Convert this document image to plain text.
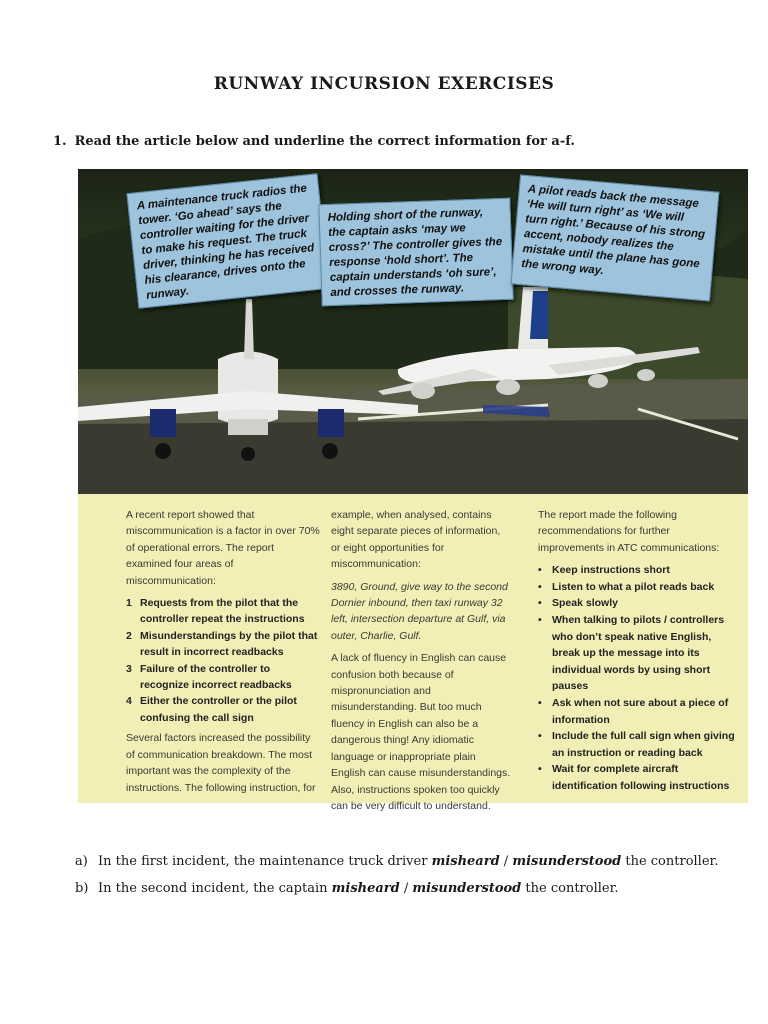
RUNWAY INCURSION EXERCISES
1. Read the article below and underline the correct information for a-f.
A maintenance truck radios the tower. ‘Go ahead’ says the controller waiting for the driver to make his request. The truck driver, thinking he has received his clearance, drives onto the runway.
Holding short of the runway, the captain asks ‘may we cross?’ The controller gives the response ‘hold short’. The captain understands ‘oh sure’, and crosses the runway.
A pilot reads back the message ‘He will turn right’ as ‘We will turn right.’ Because of his strong accent, nobody realizes the mistake until the plane has gone the wrong way.

A recent report showed that miscommunication is a factor in over 70% of operational errors. The report examined four areas of miscommunication:

1 Requests from the pilot that the controller repeat the instructions
2 Misunderstandings by the pilot that result in incorrect readbacks
3 Failure of the controller to recognize incorrect readbacks
4 Either the controller or the pilot confusing the call sign

Several factors increased the possibility of communication breakdown. The most important was the complexity of the instructions. The following instruction, for

example, when analysed, contains eight separate pieces of information, or eight opportunities for miscommunication:

3890, Ground, give way to the second Dornier inbound, then taxi runway 32 left, intersection departure at Gulf, via outer, Charlie, Gulf.

A lack of fluency in English can cause confusion both because of mispronunciation and misunderstanding. But too much fluency in English can also be a dangerous thing! Any idiomatic language or inappropriate plain English can cause misunderstandings. Also, instructions spoken too quickly can be very difficult to understand.

The report made the following recommendations for further improvements in ATC communications:

• Keep instructions short
• Listen to what a pilot reads back
• Speak slowly
• When talking to pilots / controllers who don’t speak native English, break up the message into its individual words by using short pauses
• Ask when not sure about a piece of information
• Include the full call sign when giving an instruction or reading back
• Wait for complete aircraft identification following instructions
a) In the first incident, the maintenance truck driver misheard / misunderstood the controller.
b) In the second incident, the captain misheard / misunderstood the controller.
